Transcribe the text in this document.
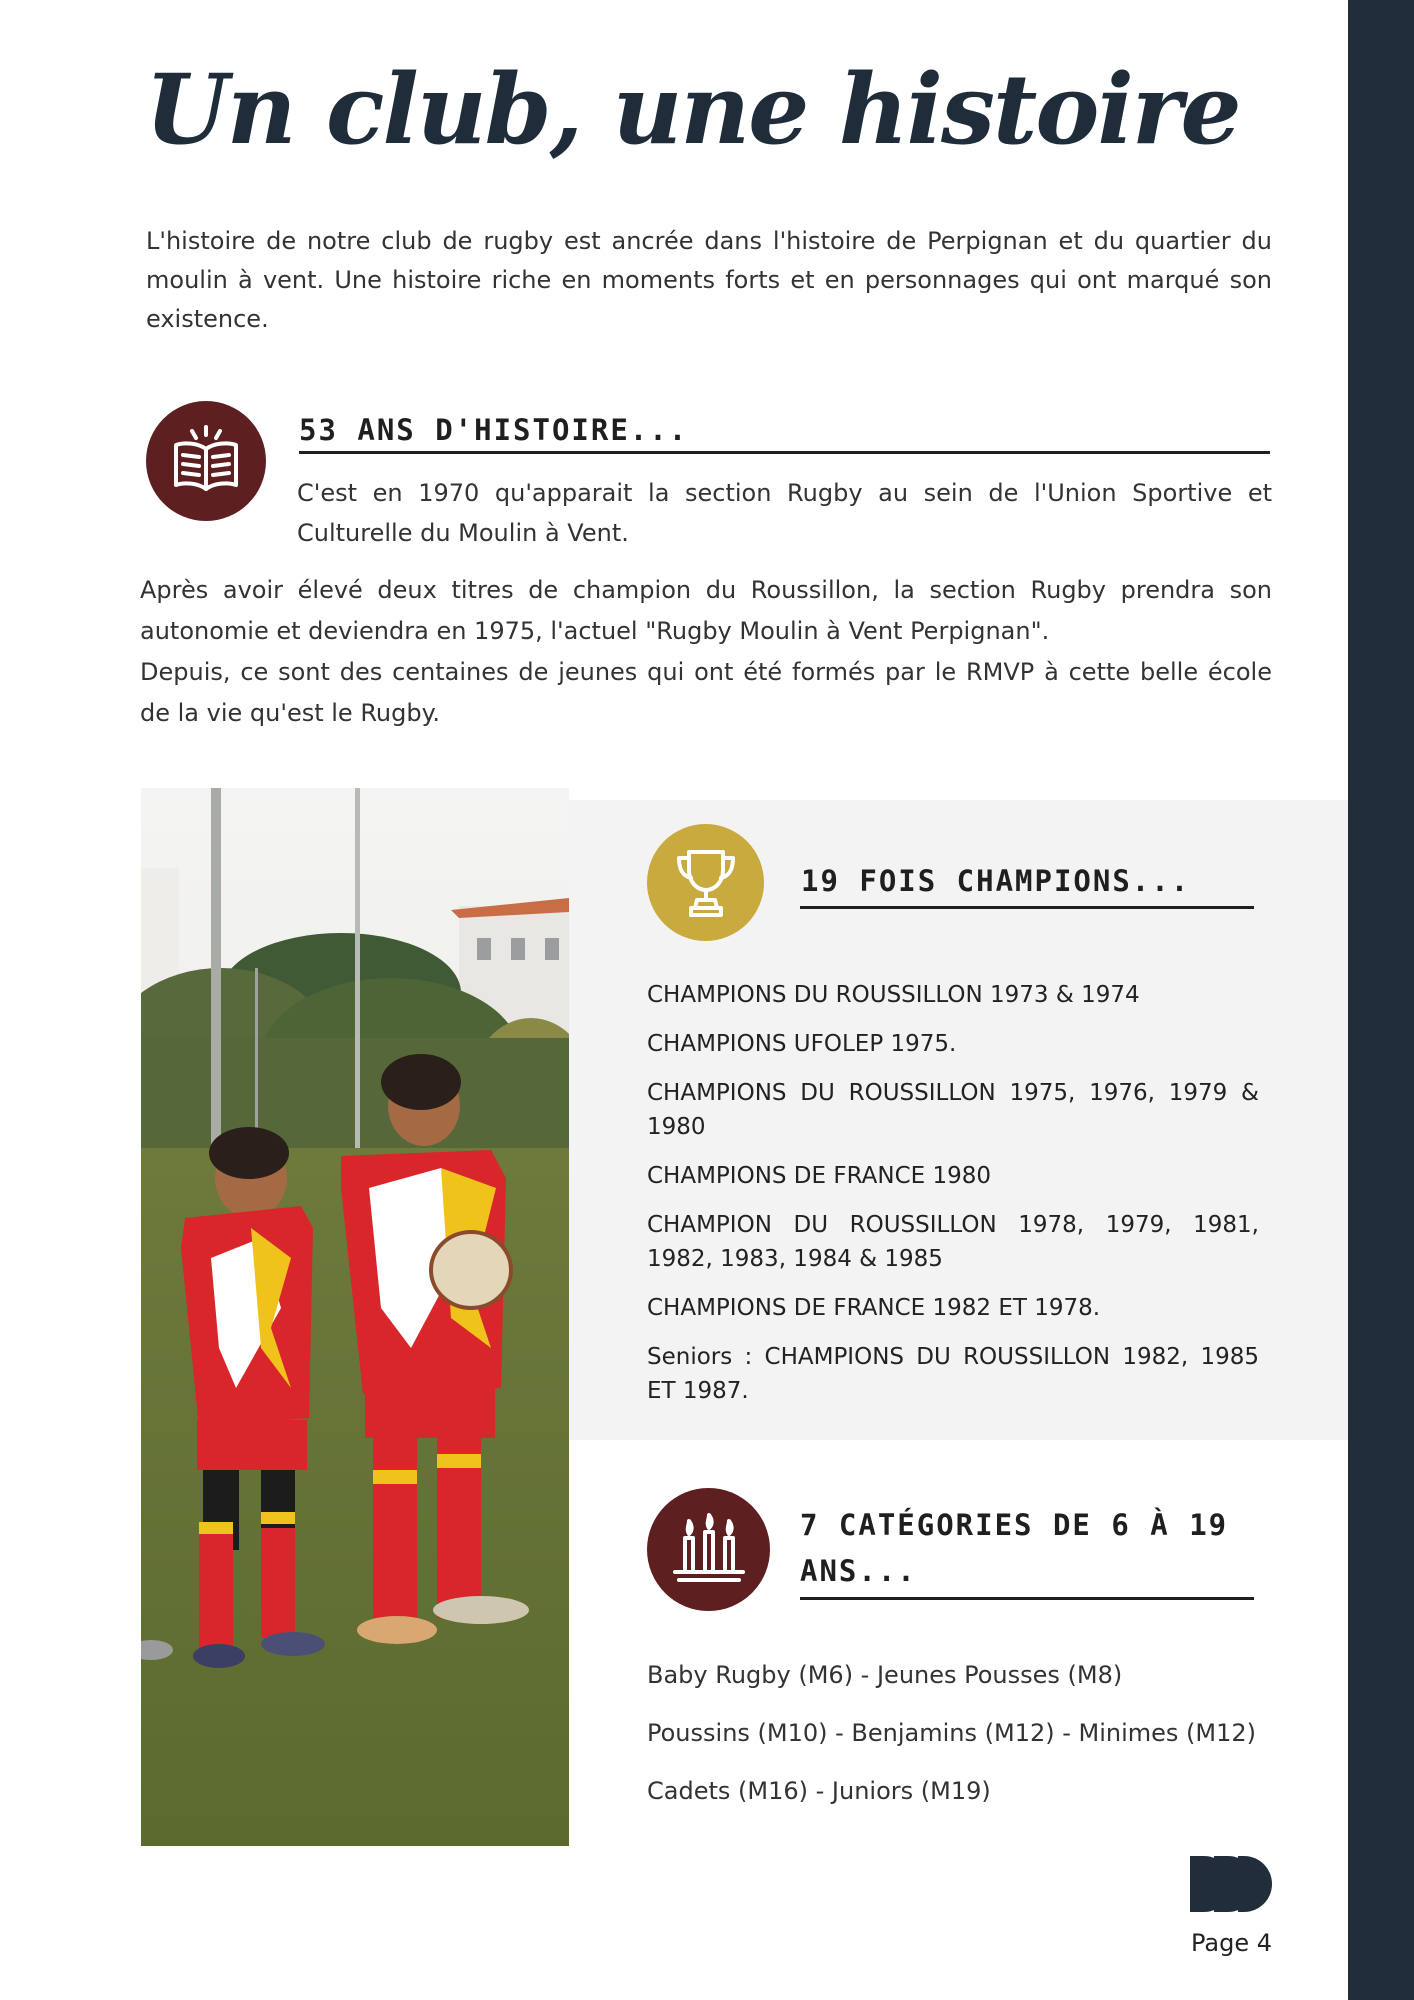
Un club, une histoire

L'histoire de notre club de rugby est ancrée dans l'histoire de Perpignan et du quartier du moulin à vent. Une histoire riche en moments forts et en personnages qui ont marqué son existence.

53 ANS D'HISTOIRE...

C'est en 1970 qu'apparait la section Rugby au sein de l'Union Sportive et Culturelle du Moulin à Vent.

Après avoir élevé deux titres de champion du Roussillon, la section Rugby prendra son autonomie et deviendra en 1975, l'actuel "Rugby Moulin à Vent Perpignan".

Depuis, ce sont des centaines de jeunes qui ont été formés par le RMVP à cette belle école de la vie qu'est le Rugby.

19 FOIS CHAMPIONS...
CHAMPIONS DU ROUSSILLON 1973 & 1974
CHAMPIONS UFOLEP 1975.
CHAMPIONS DU ROUSSILLON 1975, 1976, 1979 & 1980
CHAMPIONS DE FRANCE 1980
CHAMPION DU ROUSSILLON 1978, 1979, 1981, 1982, 1983, 1984 & 1985
CHAMPIONS DE FRANCE 1982 ET 1978.
Seniors : CHAMPIONS DU ROUSSILLON 1982, 1985 ET 1987.
7 CATÉGORIES DE 6 À 19 ANS...

Baby Rugby (M6) - Jeunes Pousses (M8)

Poussins (M10) - Benjamins (M12) - Minimes (M12)

Cadets (M16) - Juniors (M19)

Page 4
